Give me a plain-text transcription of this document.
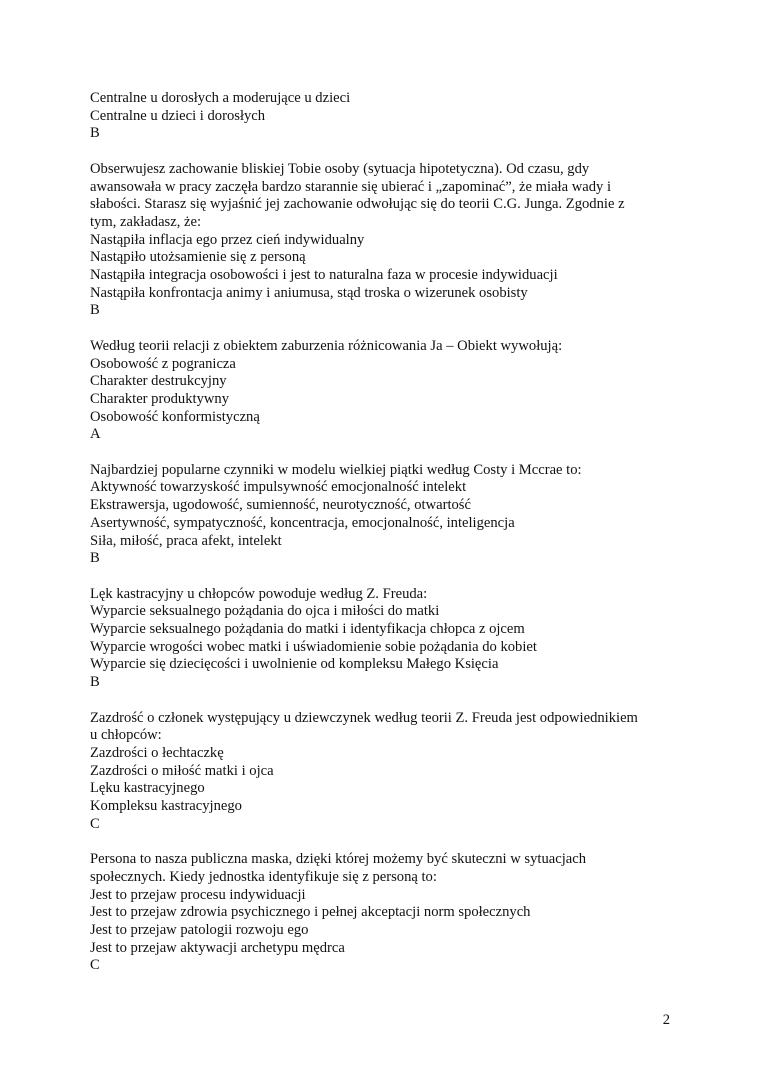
Centralne u dorosłych a moderujące u dzieci
Centralne u dzieci i dorosłych
B
Obserwujesz zachowanie bliskiej Tobie osoby (sytuacja hipotetyczna). Od czasu, gdy
awansowała w pracy zaczęła bardzo starannie się ubierać i „zapominać”, że miała wady i
słabości. Starasz się wyjaśnić jej zachowanie odwołując się do teorii C.G. Junga. Zgodnie z
tym, zakładasz, że:
Nastąpiła inflacja ego przez cień indywidualny
Nastąpiło utożsamienie się z personą
Nastąpiła integracja osobowości i jest to naturalna faza w procesie indywiduacji
Nastąpiła konfrontacja animy i aniumusa, stąd troska o wizerunek osobisty
B
Według teorii relacji z obiektem zaburzenia różnicowania Ja – Obiekt wywołują:
Osobowość z pogranicza
Charakter destrukcyjny
Charakter produktywny
Osobowość konformistyczną
A
Najbardziej popularne czynniki w modelu wielkiej piątki według Costy i Mccrae to:
Aktywność towarzyskość impulsywność emocjonalność intelekt
Ekstrawersja, ugodowość, sumienność, neurotyczność, otwartość
Asertywność, sympatyczność, koncentracja, emocjonalność, inteligencja
Siła, miłość, praca afekt, intelekt
B
Lęk kastracyjny u chłopców powoduje według Z. Freuda:
Wyparcie seksualnego pożądania do ojca i miłości do matki
Wyparcie seksualnego pożądania do matki i identyfikacja chłopca z ojcem
Wyparcie wrogości wobec matki i uświadomienie sobie pożądania do kobiet
Wyparcie się dziecięcości i uwolnienie od kompleksu Małego Księcia
B
Zazdrość o członek występujący u dziewczynek według teorii Z. Freuda jest odpowiednikiem
u chłopców:
Zazdrości o łechtaczkę
Zazdrości o miłość matki i ojca
Lęku kastracyjnego
Kompleksu kastracyjnego
C
Persona to nasza publiczna maska, dzięki której możemy być skuteczni w sytuacjach
społecznych. Kiedy jednostka identyfikuje się z personą to:
Jest to przejaw procesu indywiduacji
Jest to przejaw zdrowia psychicznego i pełnej akceptacji norm społecznych
Jest to przejaw patologii rozwoju ego
Jest to przejaw aktywacji archetypu mędrca
C
2
